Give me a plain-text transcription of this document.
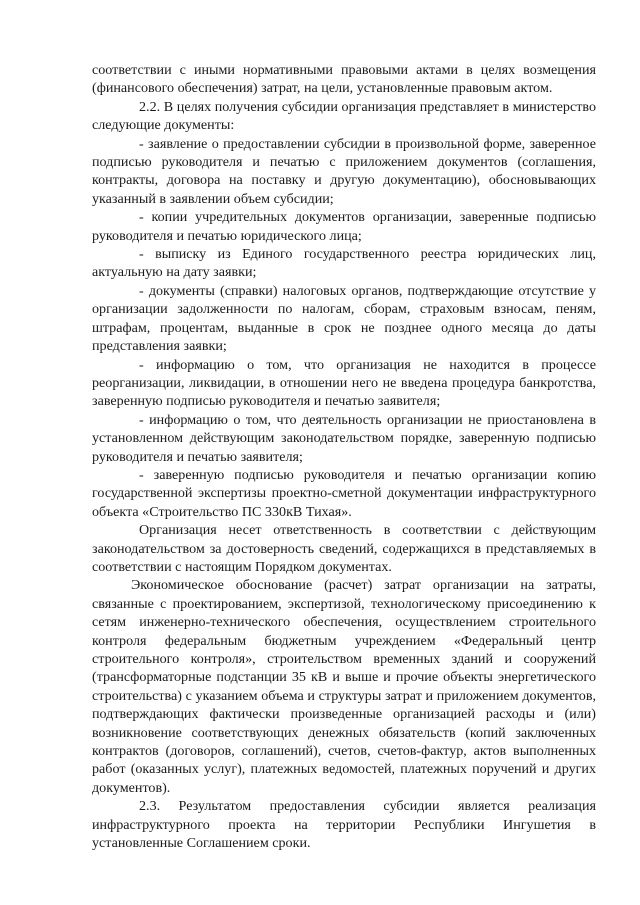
соответствии с иными нормативными правовыми актами в целях возмещения (финансового обеспечения) затрат, на цели, установленные правовым актом.

2.2. В целях получения субсидии организация представляет в министерство следующие документы:

- заявление о предоставлении субсидии в произвольной форме, заверенное подписью руководителя и печатью с приложением документов (соглашения, контракты, договора на поставку и другую документацию), обосновывающих указанный в заявлении объем субсидии;

- копии учредительных документов организации, заверенные подписью руководителя и печатью юридического лица;

- выписку из Единого государственного реестра юридических лиц, актуальную на дату заявки;

- документы (справки) налоговых органов, подтверждающие отсутствие у организации задолженности по налогам, сборам, страховым взносам, пеням, штрафам, процентам, выданные в срок не позднее одного месяца до даты представления заявки;

- информацию о том, что организация не находится в процессе реорганизации, ликвидации, в отношении него не введена процедура банкротства, заверенную подписью руководителя и печатью заявителя;

- информацию о том, что деятельность организации не приостановлена в установленном действующим законодательством порядке, заверенную подписью руководителя и печатью заявителя;

- заверенную подписью руководителя и печатью организации копию государственной экспертизы проектно-сметной документации инфраструктурного объекта «Строительство ПС 330кВ Тихая».

Организация несет ответственность в соответствии с действующим законодательством за достоверность сведений, содержащихся в представляемых в соответствии с настоящим Порядком документах.

Экономическое обоснование (расчет) затрат организации на затраты, связанные с проектированием, экспертизой, технологическому присоединению к сетям инженерно-технического обеспечения, осуществлением строительного контроля федеральным бюджетным учреждением «Федеральный центр строительного контроля», строительством временных зданий и сооружений (трансформаторные подстанции 35 кВ и выше и прочие объекты энергетического строительства) с указанием объема и структуры затрат и приложением документов, подтверждающих фактически произведенные организацией расходы и (или) возникновение соответствующих денежных обязательств (копий заключенных контрактов (договоров, соглашений), счетов, счетов-фактур, актов выполненных работ (оказанных услуг), платежных ведомостей, платежных поручений и других документов).

2.3. Результатом предоставления субсидии является реализация инфраструктурного проекта на территории Республики Ингушетия в установленные Соглашением сроки.
